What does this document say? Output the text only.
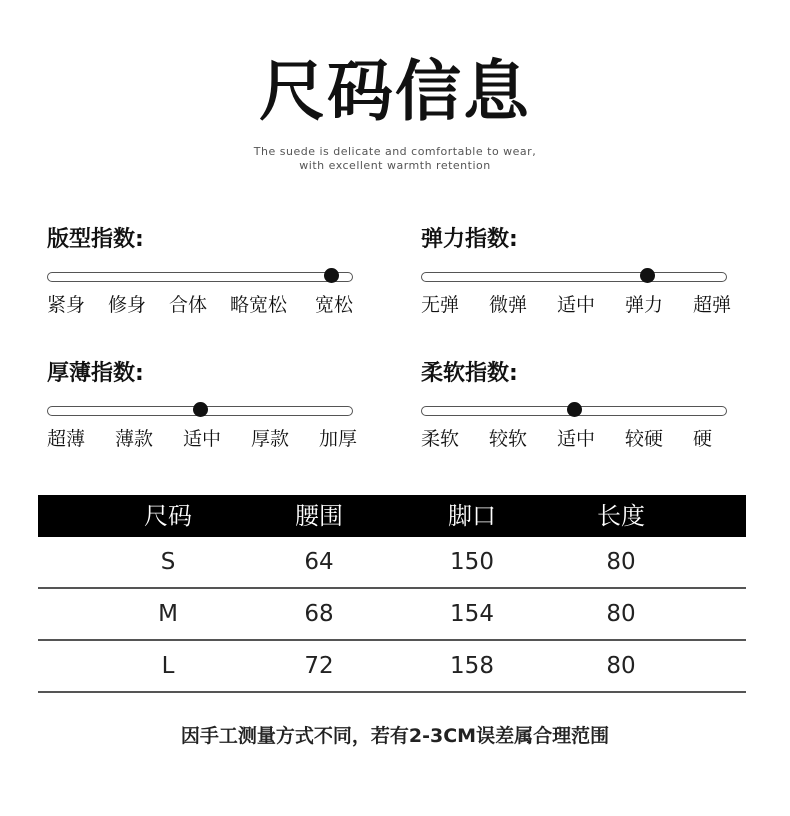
尺码信息
The suede is delicate and comfortable to wear,
with excellent warmth retention
版型指数:
紧身 修身 合体 略宽松 宽松
弹力指数:
无弹 微弹 适中 弹力 超弹
厚薄指数:
超薄 薄款 适中 厚款 加厚
柔软指数:
柔软 较软 适中 较硬 硬
尺码	腰围	脚口	长度
S	64	150	80
M	68	154	80
L	72	158	80
因手工测量方式不同，若有2-3CM误差属合理范围
